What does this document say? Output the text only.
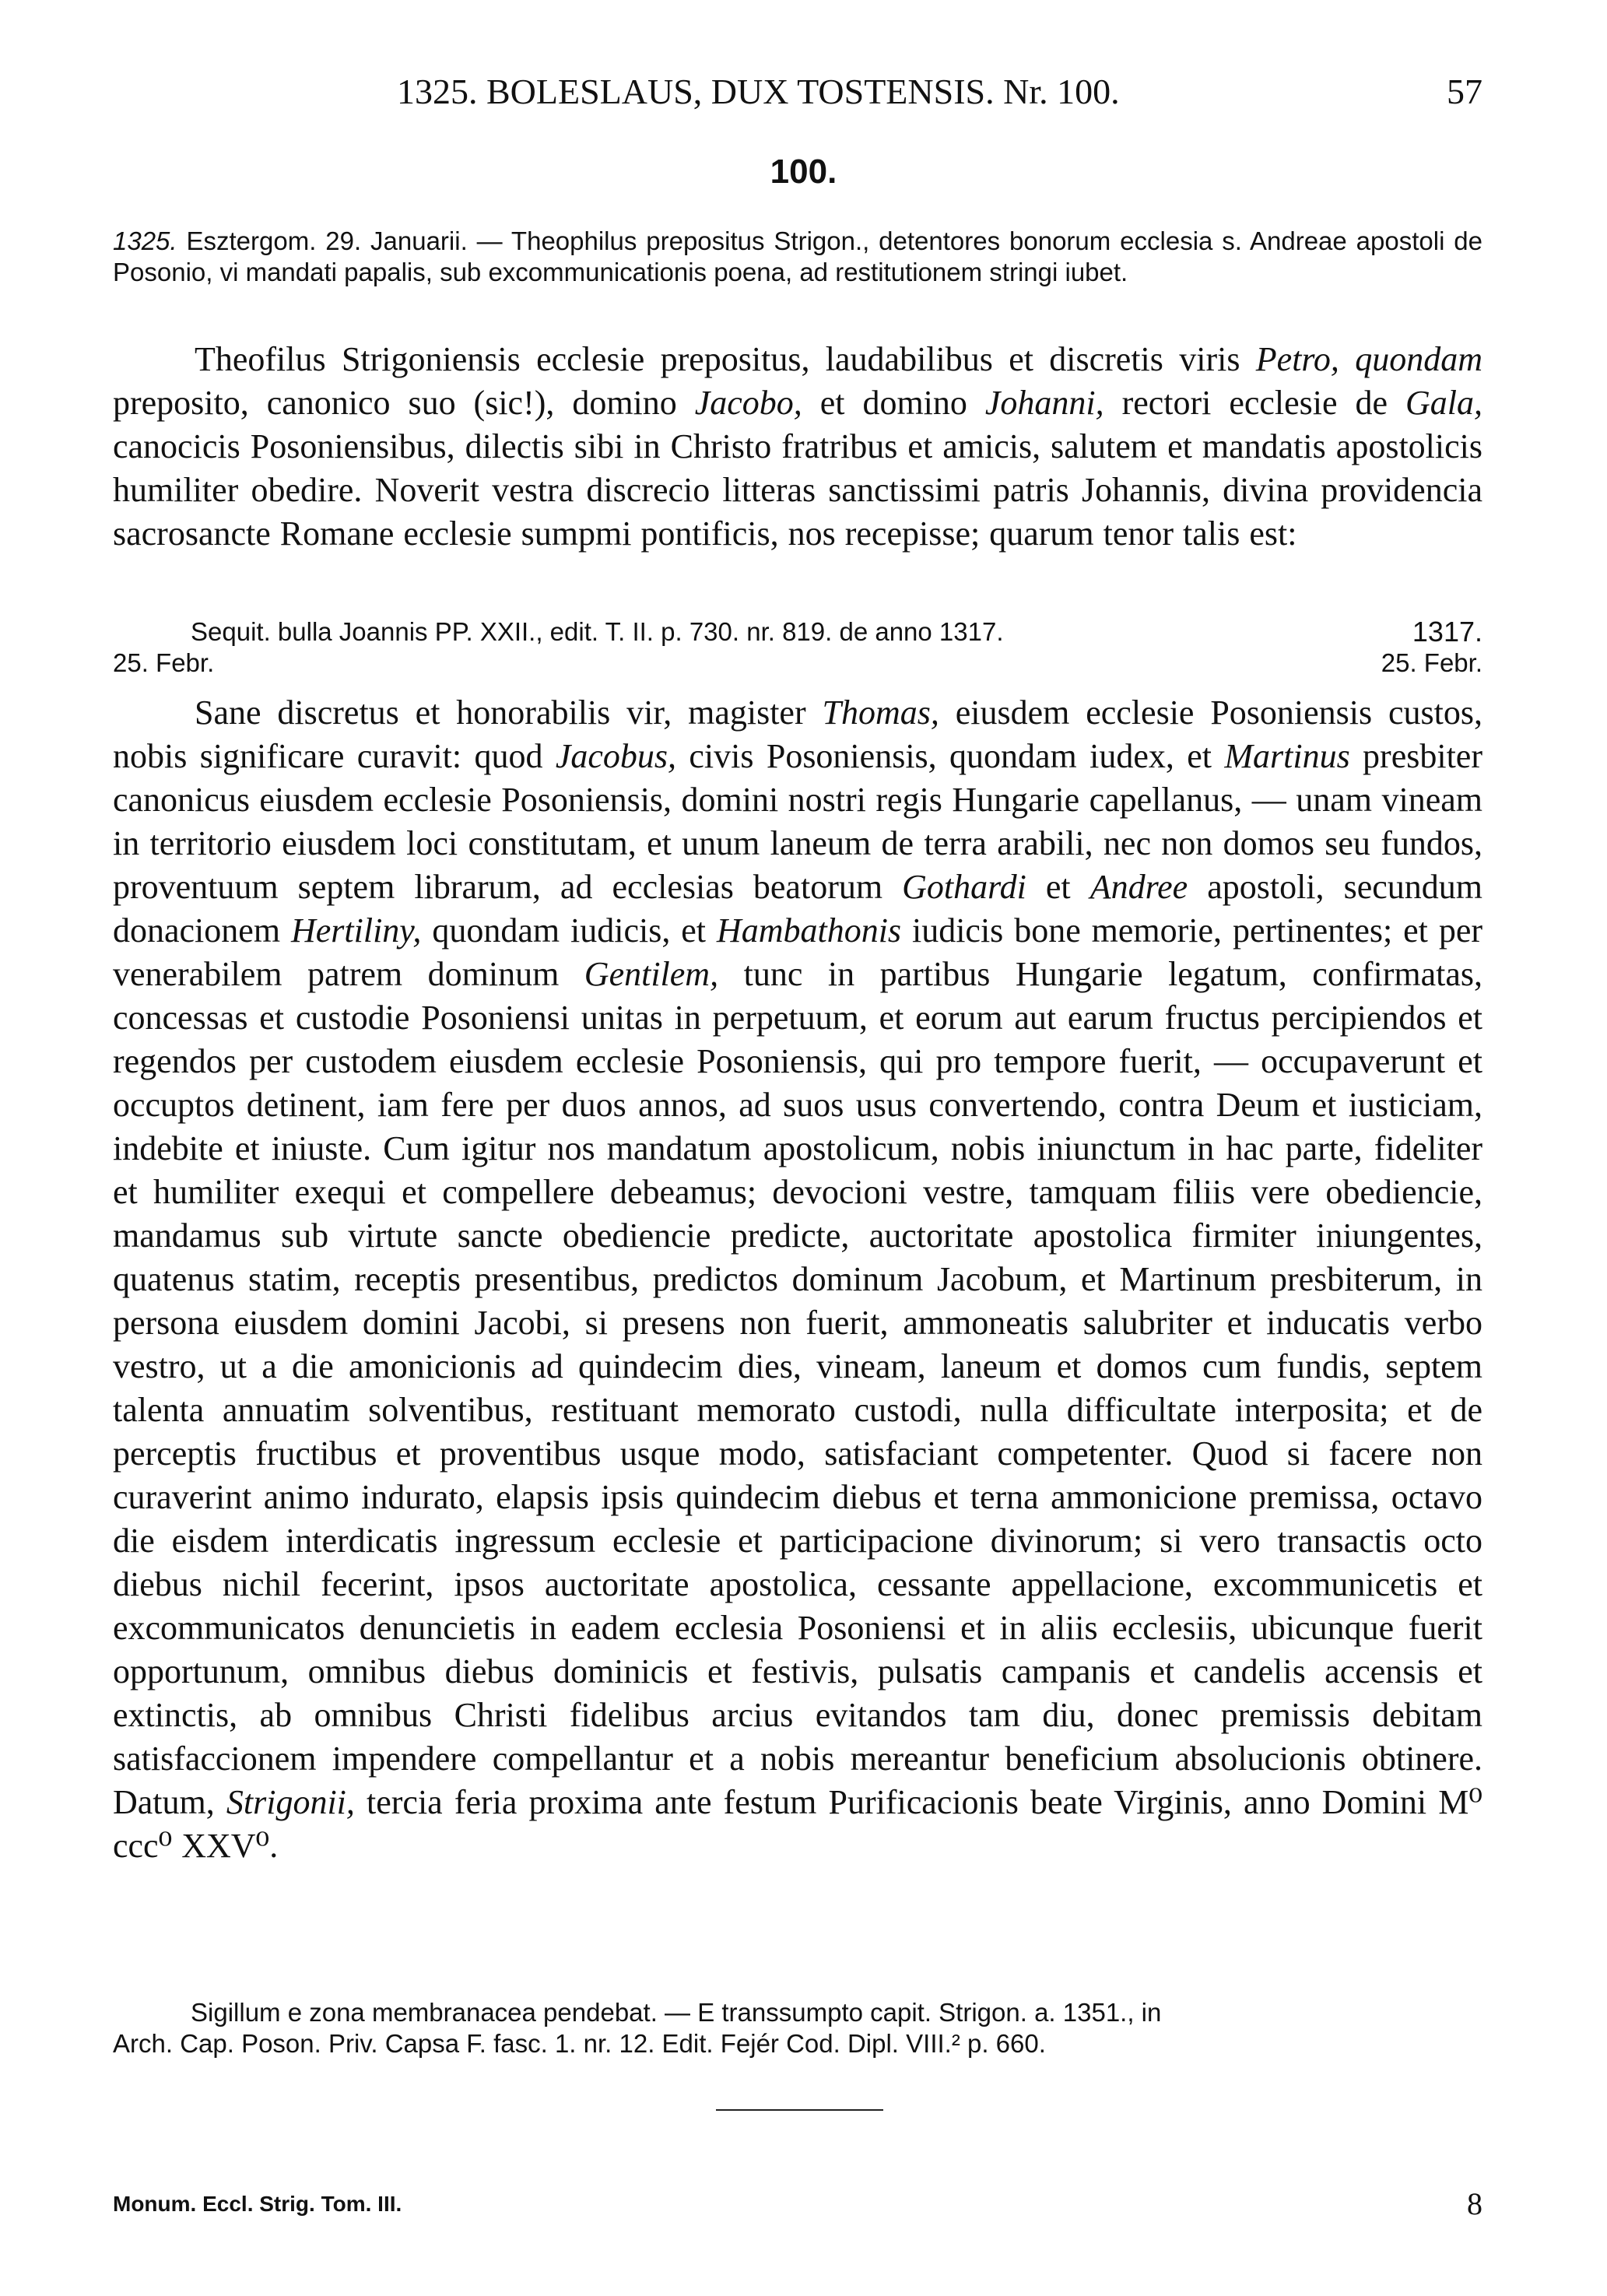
1325. BOLESLAUS, DUX TOSTENSIS. Nr. 100.	57
100.
1325. Esztergom. 29. Januarii. — Theophilus prepositus Strigon., detentores bonorum ecclesia s. Andreae apostoli de Posonio, vi mandati papalis, sub excommunicationis poena, ad restitutionem stringi iubet.
Theofilus Strigoniensis ecclesie prepositus, laudabilibus et discretis viris Petro, quondam preposito, canonico suo (sic!), domino Jacobo, et domino Johanni, rectori ecclesie de Gala, canocicis Posoniensibus, dilectis sibi in Christo fratribus et amicis, salutem et mandatis apostolicis humiliter obedire. Noverit vestra discrecio litteras sanctissimi patris Johannis, divina providencia sacrosancte Romane ecclesie sumpmi pontificis, nos recepisse; quarum tenor talis est:
Sequit. bulla Joannis PP. XXII., edit. T. II. p. 730. nr. 819. de anno 1317.
25. Febr.
1317.
25. Febr.
Sane discretus et honorabilis vir, magister Thomas, eiusdem ecclesie Posoniensis custos, nobis significare curavit: quod Jacobus, civis Posoniensis, quondam iudex, et Martinus presbiter canonicus eiusdem ecclesie Posoniensis, domini nostri regis Hungarie capellanus, — unam vineam in territorio eiusdem loci constitutam, et unum laneum de terra arabili, nec non domos seu fundos, proventuum septem librarum, ad ecclesias beatorum Gothardi et Andree apostoli, secundum donacionem Hertiliny, quondam iudicis, et Hambathonis iudicis bone memorie, pertinentes; et per venerabilem patrem dominum Gentilem, tunc in partibus Hungarie legatum, confirmatas, concessas et custodie Posoniensi unitas in perpetuum, et eorum aut earum fructus percipiendos et regendos per custodem eiusdem ecclesie Posoniensis, qui pro tempore fuerit, — occupaverunt et occuptos detinent, iam fere per duos annos, ad suos usus convertendo, contra Deum et iusticiam, indebite et iniuste. Cum igitur nos mandatum apostolicum, nobis iniunctum in hac parte, fideliter et humiliter exequi et compellere debeamus; devocioni vestre, tamquam filiis vere obediencie, mandamus sub virtute sancte obediencie predicte, auctoritate apostolica firmiter iniungentes, quatenus statim, receptis presentibus, predictos dominum Jacobum, et Martinum presbiterum, in persona eiusdem domini Jacobi, si presens non fuerit, ammoneatis salubriter et inducatis verbo vestro, ut a die amonicionis ad quindecim dies, vineam, laneum et domos cum fundis, septem talenta annuatim solventibus, restituant memorato custodi, nulla difficultate interposita; et de perceptis fructibus et proventibus usque modo, satisfaciant competenter. Quod si facere non curaverint animo indurato, elapsis ipsis quindecim diebus et terna ammonicione premissa, octavo die eisdem interdicatis ingressum ecclesie et participacione divinorum; si vero transactis octo diebus nichil fecerint, ipsos auctoritate apostolica, cessante appellacione, excommunicetis et excommunicatos denuncietis in eadem ecclesia Posoniensi et in aliis ecclesiis, ubicunque fuerit opportunum, omnibus diebus dominicis et festivis, pulsatis campanis et candelis accensis et extinctis, ab omnibus Christi fidelibus arcius evitandos tam diu, donec premissis debitam satisfaccionem impendere compellantur et a nobis mereantur beneficium absolucionis obtinere. Datum, Strigonii, tercia feria proxima ante festum Purificacionis beate Virginis, anno Domini M⁰ ccc⁰ XXV⁰.
Sigillum e zona membranacea pendebat. — E transsumpto capit. Strigon. a. 1351., in
Arch. Cap. Poson. Priv. Capsa F. fasc. 1. nr. 12. Edit. Fejér Cod. Dipl. VIII.² p. 660.
Monum. Eccl. Strig. Tom. III.	8
